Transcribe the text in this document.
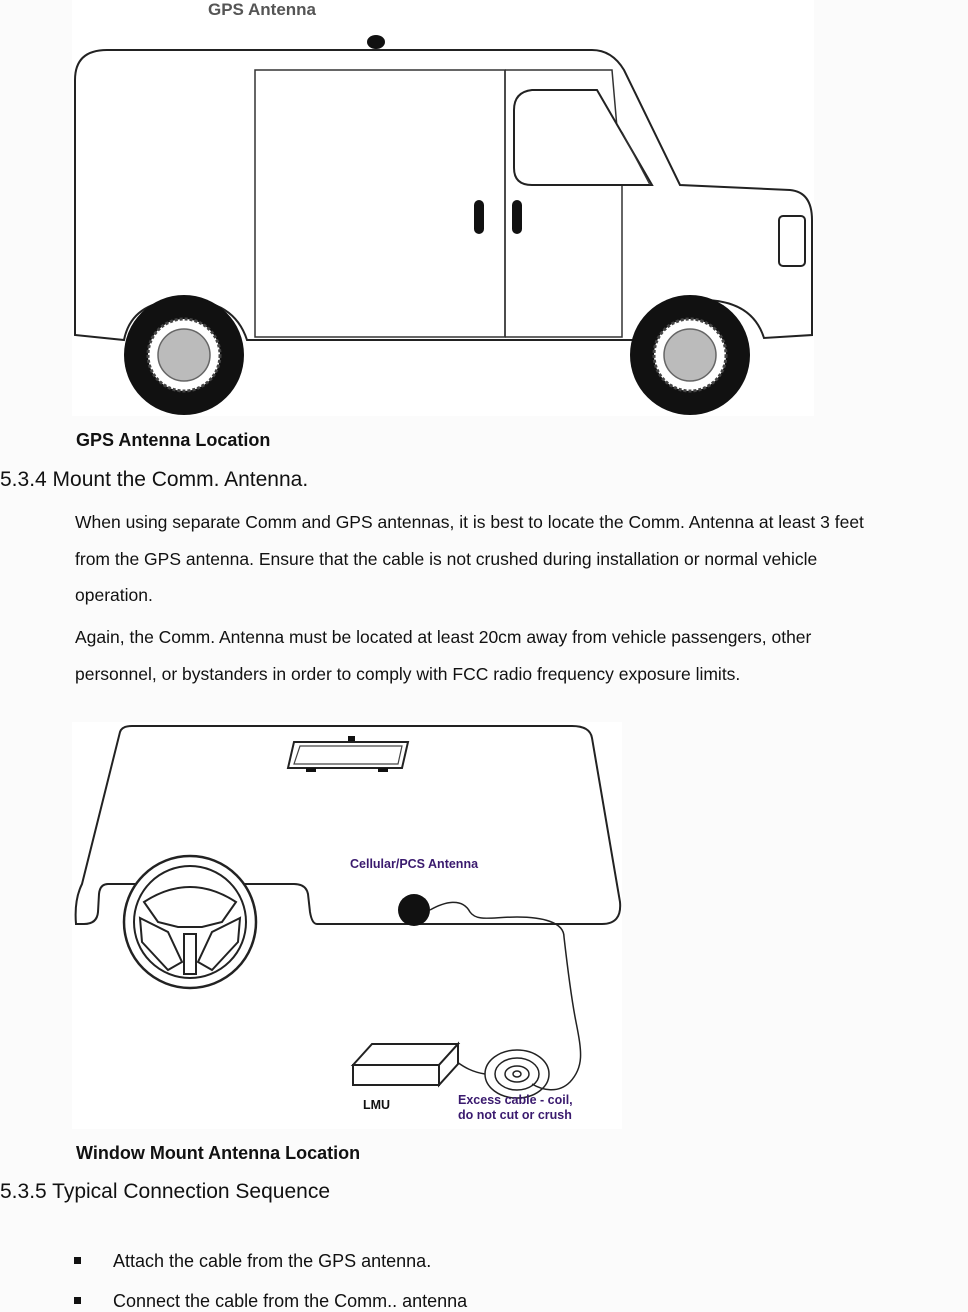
GPS Antenna
GPS Antenna Location
5.3.4 Mount the Comm. Antenna.
When using separate Comm and GPS antennas, it is best to locate the Comm. Antenna at least 3 feet
from the GPS antenna. Ensure that the cable is not crushed during installation or normal vehicle
operation.
Again, the Comm. Antenna must be located at least 20cm away from vehicle passengers, other
personnel, or bystanders in order to comply with FCC radio frequency exposure limits.
Cellular/PCS Antenna
LMU	Excess cable - coil,
do not cut or crush
Window Mount Antenna Location
5.3.5 Typical Connection Sequence
Attach the cable from the GPS antenna.
Connect the cable from the Comm.. antenna
